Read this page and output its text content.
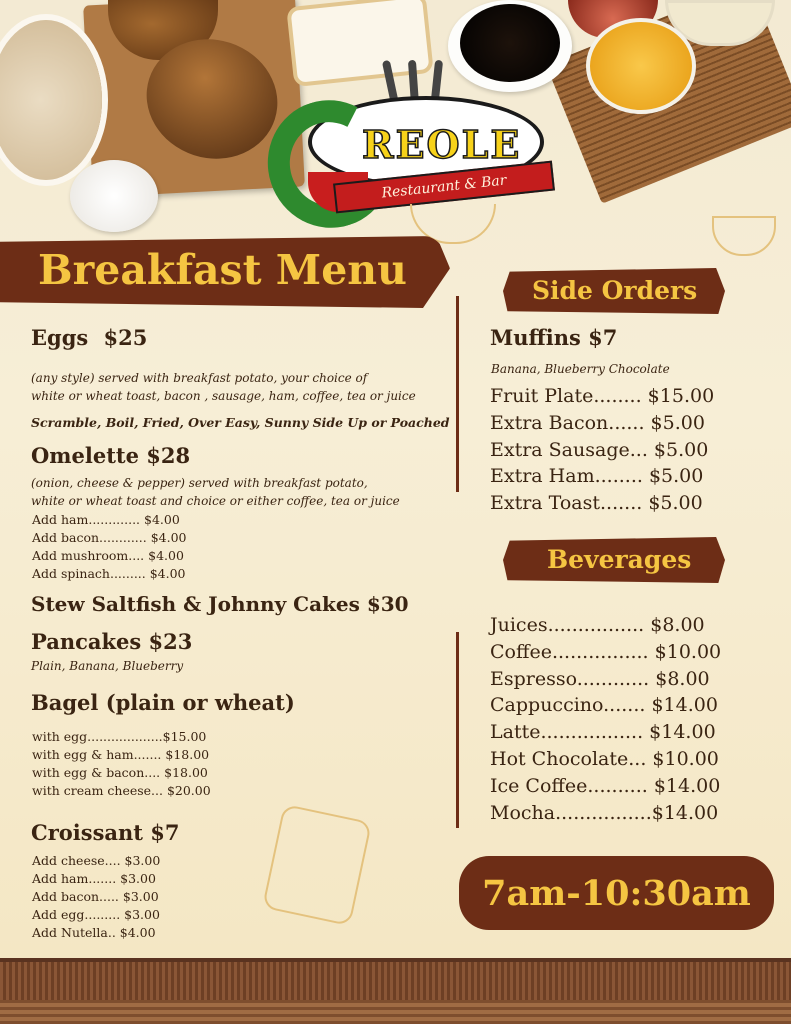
REOLE
Restaurant & Bar
Breakfast Menu
Eggs $25
(any style) served with breakfast potato, your choice of
white or wheat toast, bacon , sausage, ham, coffee, tea or juice
Scramble, Boil, Fried, Over Easy, Sunny Side Up or Poached
Omelette $28
(onion, cheese & pepper) served with breakfast potato,
white or wheat toast and choice or either coffee, tea or juice
Add ham............. $4.00
Add bacon............ $4.00
Add mushroom.... $4.00
Add spinach......... $4.00
Stew Saltfish & Johnny Cakes $30
Pancakes $23
Plain, Banana, Blueberry
Bagel (plain or wheat)
with egg...................$15.00
with egg & ham....... $18.00
with egg & bacon.... $18.00
with cream cheese... $20.00
Croissant $7
Add cheese.... $3.00
Add ham....... $3.00
Add bacon..... $3.00
Add egg......... $3.00
Add Nutella.. $4.00
Side Orders
Muffins $7
Banana, Blueberry Chocolate
Fruit Plate........ $15.00
Extra Bacon...... $5.00
Extra Sausage... $5.00
Extra Ham........ $5.00
Extra Toast....... $5.00
Beverages
Juices................ $8.00
Coffee................ $10.00
Espresso............ $8.00
Cappuccino....... $14.00
Latte................. $14.00
Hot Chocolate... $10.00
Ice Coffee.......... $14.00
Mocha................$14.00
7am-10:30am
